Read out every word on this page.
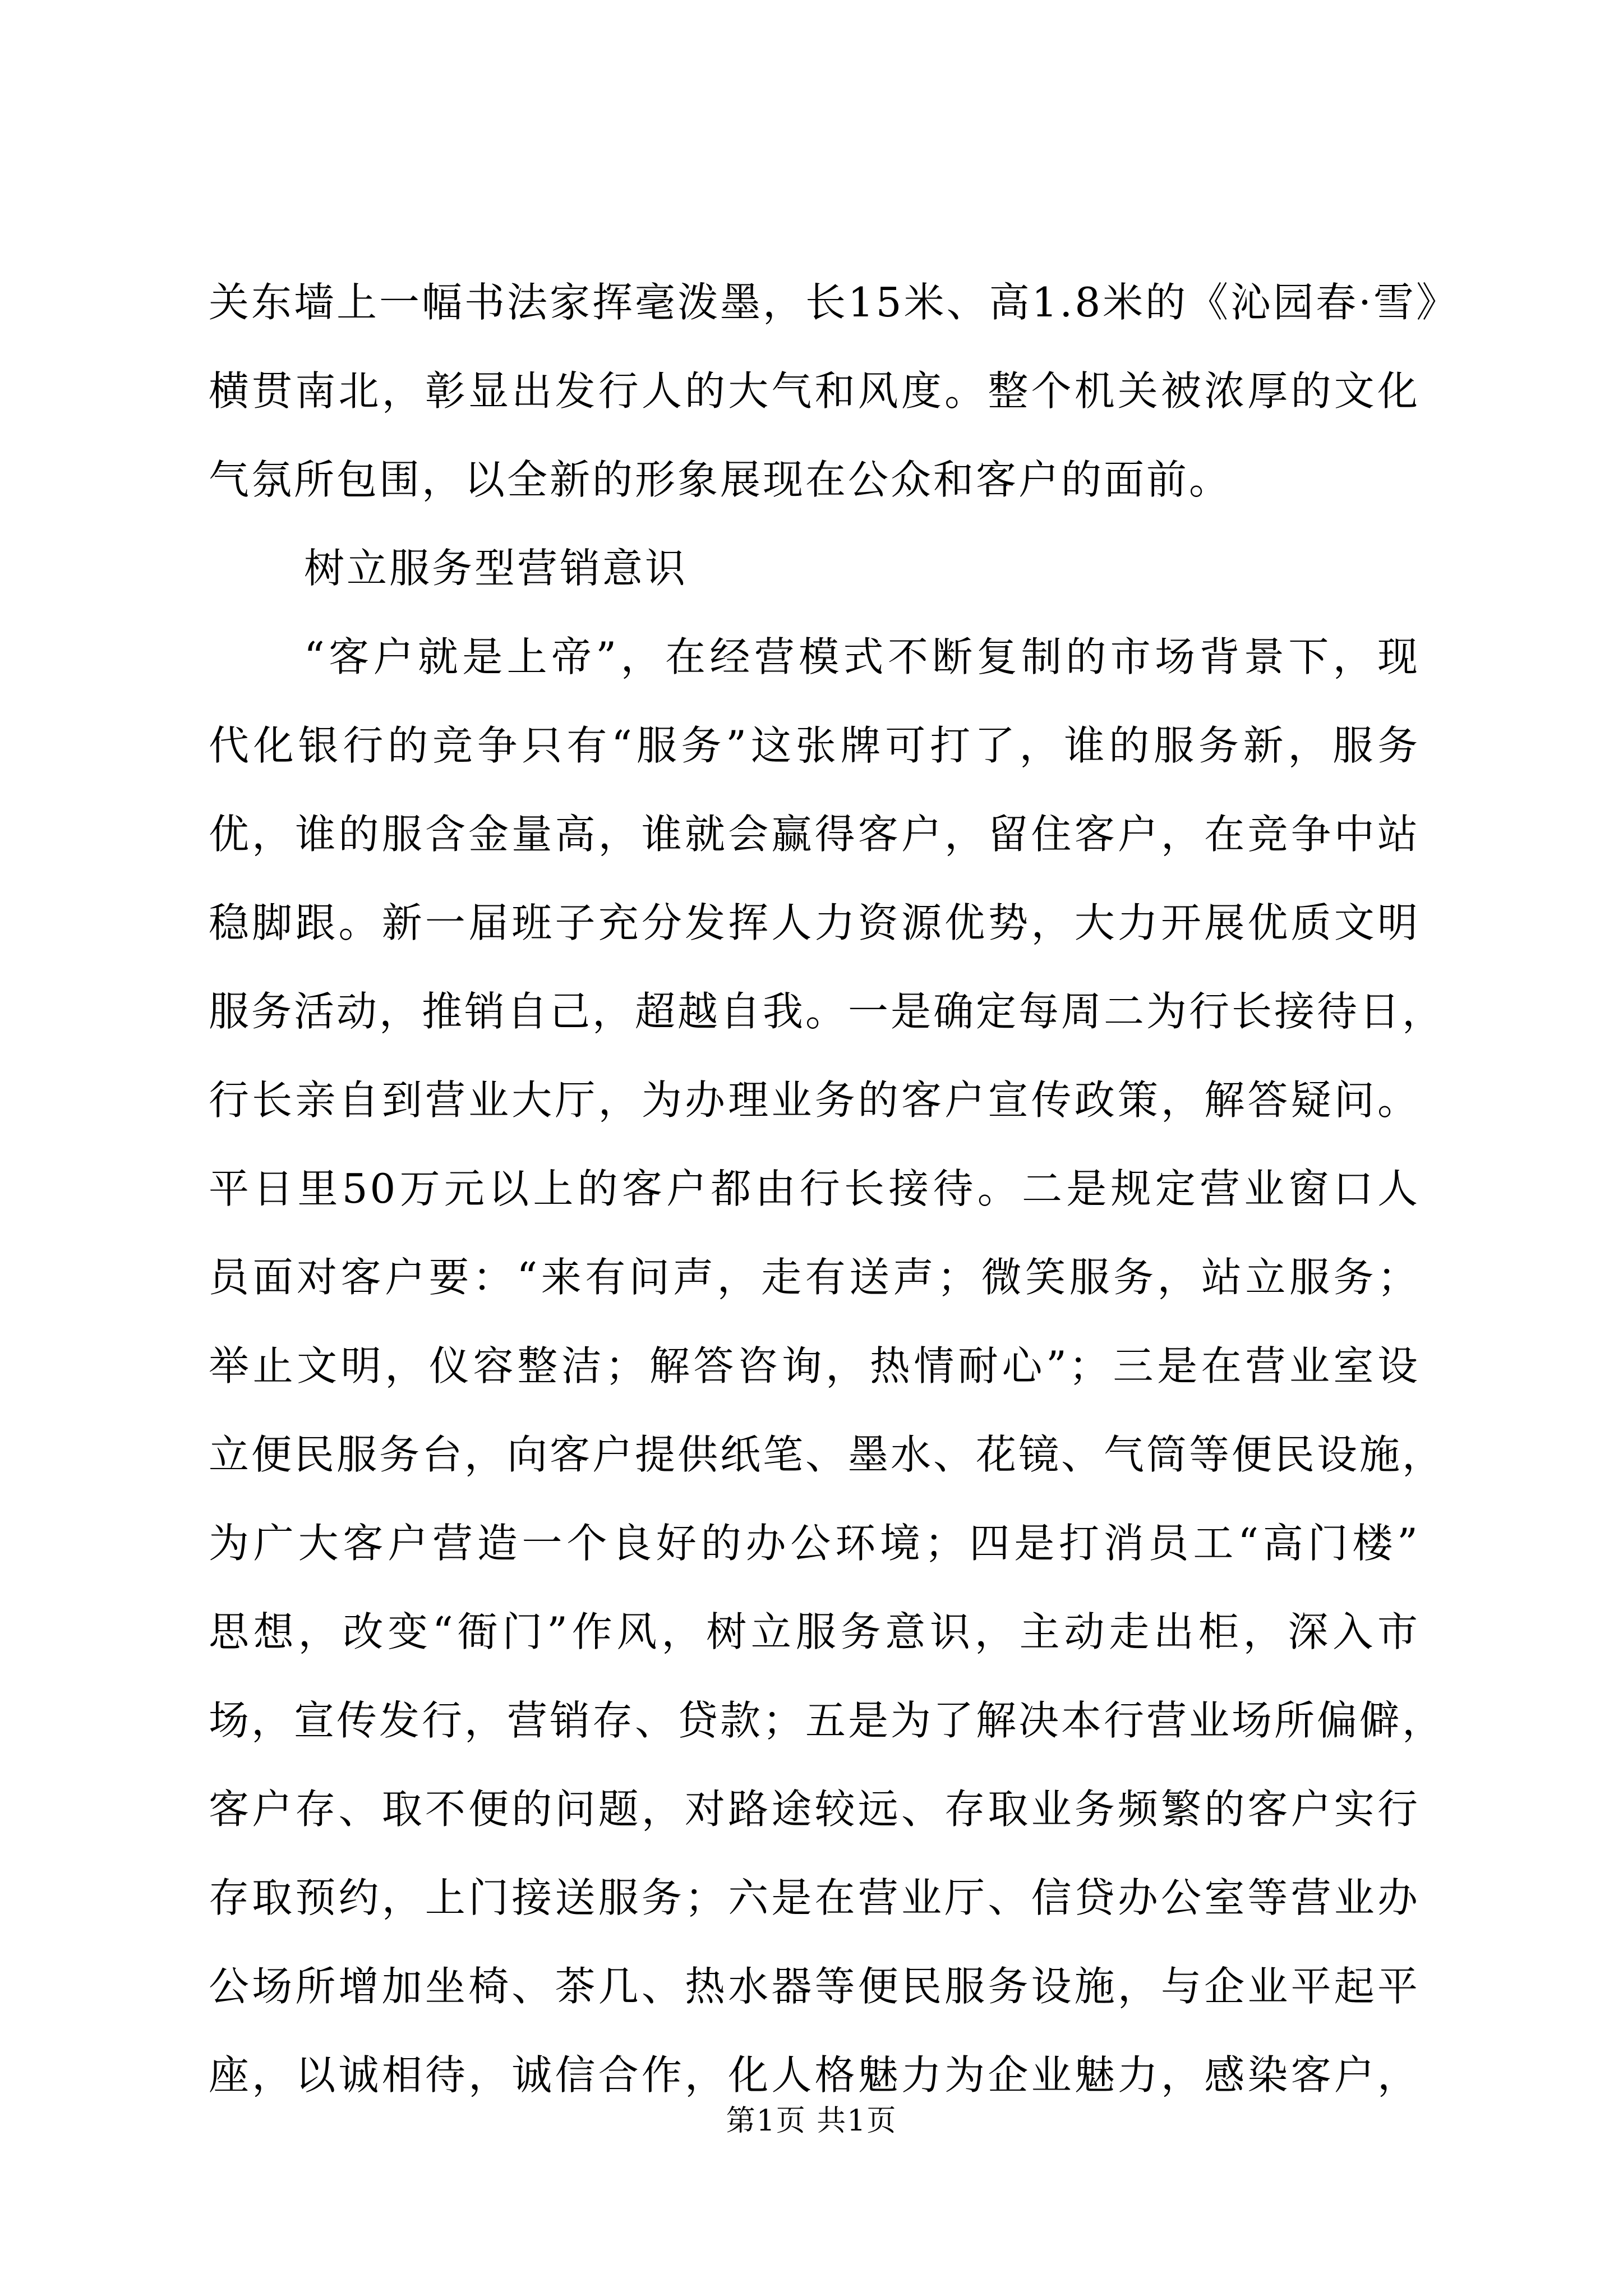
关东墙上一幅书法家挥毫泼墨，长15米、高1.8米的《沁园春·雪》
横贯南北，彰显出发行人的大气和风度。整个机关被浓厚的文化
气氛所包围，以全新的形象展现在公众和客户的面前。
树立服务型营销意识
“客户就是上帝”，在经营模式不断复制的市场背景下，现
代化银行的竞争只有“服务”这张牌可打了，谁的服务新，服务
优，谁的服含金量高，谁就会赢得客户，留住客户，在竞争中站
稳脚跟。新一届班子充分发挥人力资源优势，大力开展优质文明
服务活动，推销自己，超越自我。一是确定每周二为行长接待日，
行长亲自到营业大厅，为办理业务的客户宣传政策，解答疑问。
平日里50万元以上的客户都由行长接待。二是规定营业窗口人
员面对客户要：“来有问声，走有送声；微笑服务，站立服务；
举止文明，仪容整洁；解答咨询，热情耐心”；三是在营业室设
立便民服务台，向客户提供纸笔、墨水、花镜、气筒等便民设施，
为广大客户营造一个良好的办公环境；四是打消员工“高门楼”
思想，改变“衙门”作风，树立服务意识，主动走出柜，深入市
场，宣传发行，营销存、贷款；五是为了解决本行营业场所偏僻，
客户存、取不便的问题，对路途较远、存取业务频繁的客户实行
存取预约，上门接送服务；六是在营业厅、信贷办公室等营业办
公场所增加坐椅、茶几、热水器等便民服务设施，与企业平起平
座，以诚相待，诚信合作，化人格魅力为企业魅力，感染客户，
第1页 共1页
